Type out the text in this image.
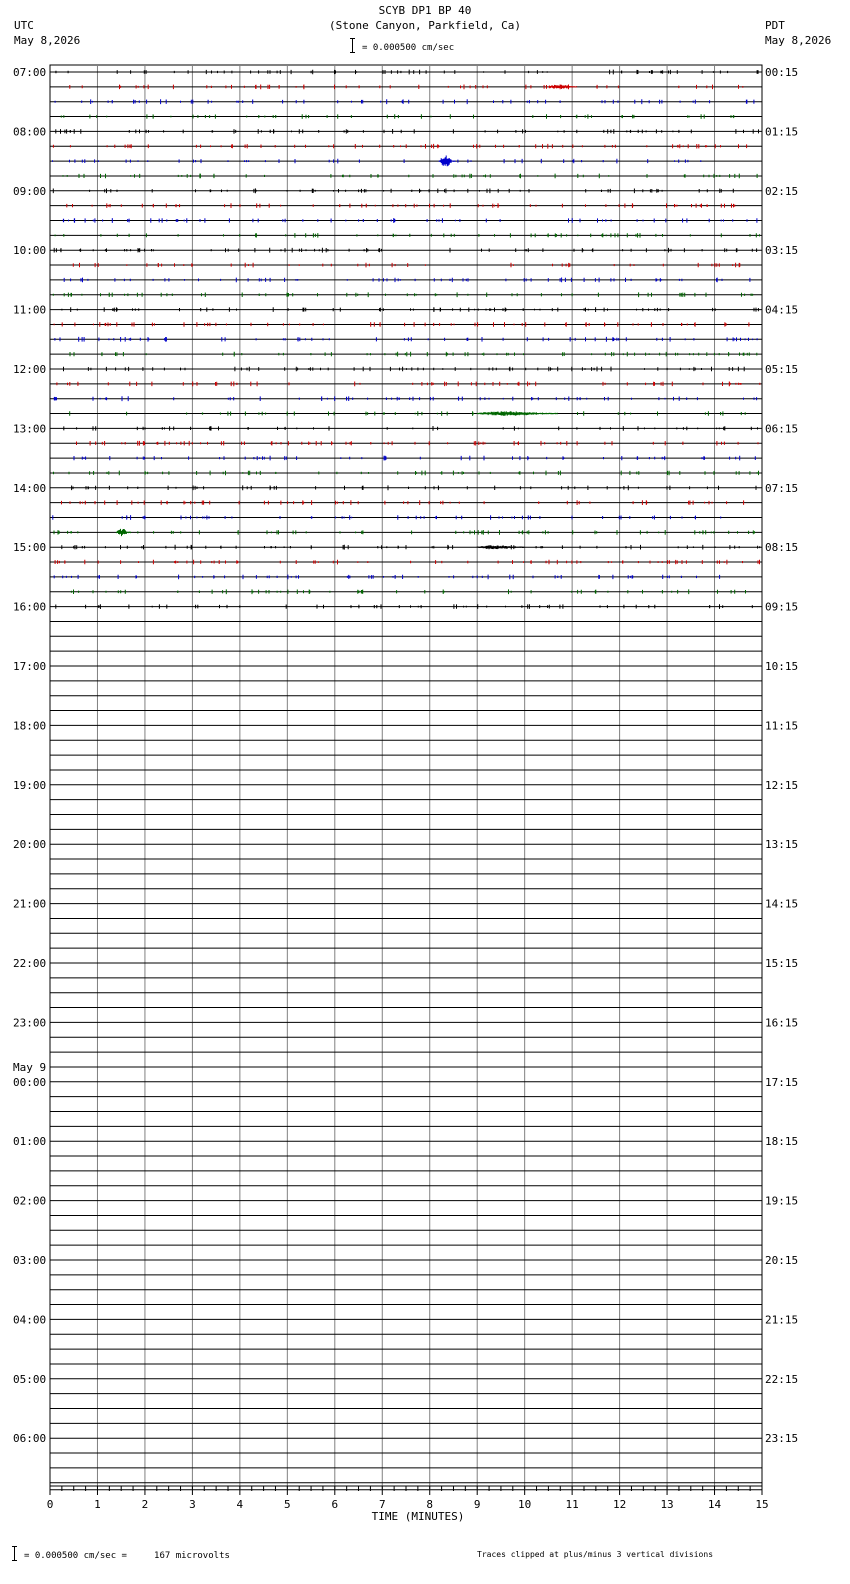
SCYB DP1 BP 40
(Stone Canyon, Parkfield, Ca)
= 0.000500 cm/sec
UTC
May 8,2026
PDT
May 8,2026
07:00
08:00
09:00
10:00
11:00
12:00
13:00
14:00
15:00
16:00
17:00
18:00
19:00
20:00
21:00
22:00
23:00
May 9
00:00
01:00
02:00
03:00
04:00
05:00
06:00
00:15
01:15
02:15
03:15
04:15
05:15
06:15
07:15
08:15
09:15
10:15
11:15
12:15
13:15
14:15
15:15
16:15
17:15
18:15
19:15
20:15
21:15
22:15
23:15
0	1	2	3	4	5	6	7	8	9	10	11	12	13	14	15
TIME (MINUTES)
= 0.000500 cm/sec =     167 microvolts	Traces clipped at plus/minus 3 vertical divisions
